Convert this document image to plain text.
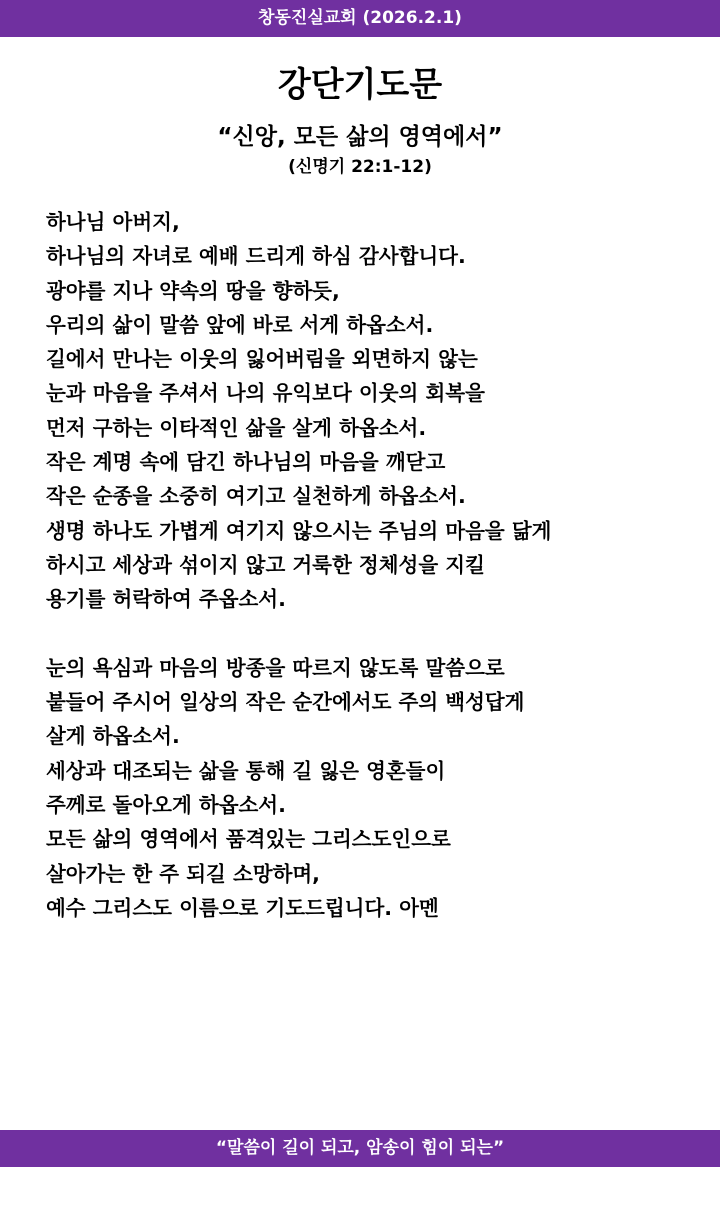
창동진실교회 (2026.2.1)
강단기도문
“신앙, 모든 삶의 영역에서”
(신명기 22:1-12)
하나님 아버지,
하나님의 자녀로 예배 드리게 하심 감사합니다.
광야를 지나 약속의 땅을 향하듯,
우리의 삶이 말씀 앞에 바로 서게 하옵소서.
길에서 만나는 이웃의 잃어버림을 외면하지 않는
눈과 마음을 주셔서 나의 유익보다 이웃의 회복을
먼저 구하는 이타적인 삶을 살게 하옵소서.
작은 계명 속에 담긴 하나님의 마음을 깨닫고
작은 순종을 소중히 여기고 실천하게 하옵소서.
생명 하나도 가볍게 여기지 않으시는 주님의 마음을 닮게
하시고 세상과 섞이지 않고 거룩한 정체성을 지킬
용기를 허락하여 주옵소서.
눈의 욕심과 마음의 방종을 따르지 않도록 말씀으로
붙들어 주시어 일상의 작은 순간에서도 주의 백성답게
살게 하옵소서.
세상과 대조되는 삶을 통해 길 잃은 영혼들이
주께로 돌아오게 하옵소서.
모든 삶의 영역에서 품격있는 그리스도인으로
살아가는 한 주 되길 소망하며,
예수 그리스도 이름으로 기도드립니다. 아멘
“말씀이 길이 되고, 암송이 힘이 되는”
